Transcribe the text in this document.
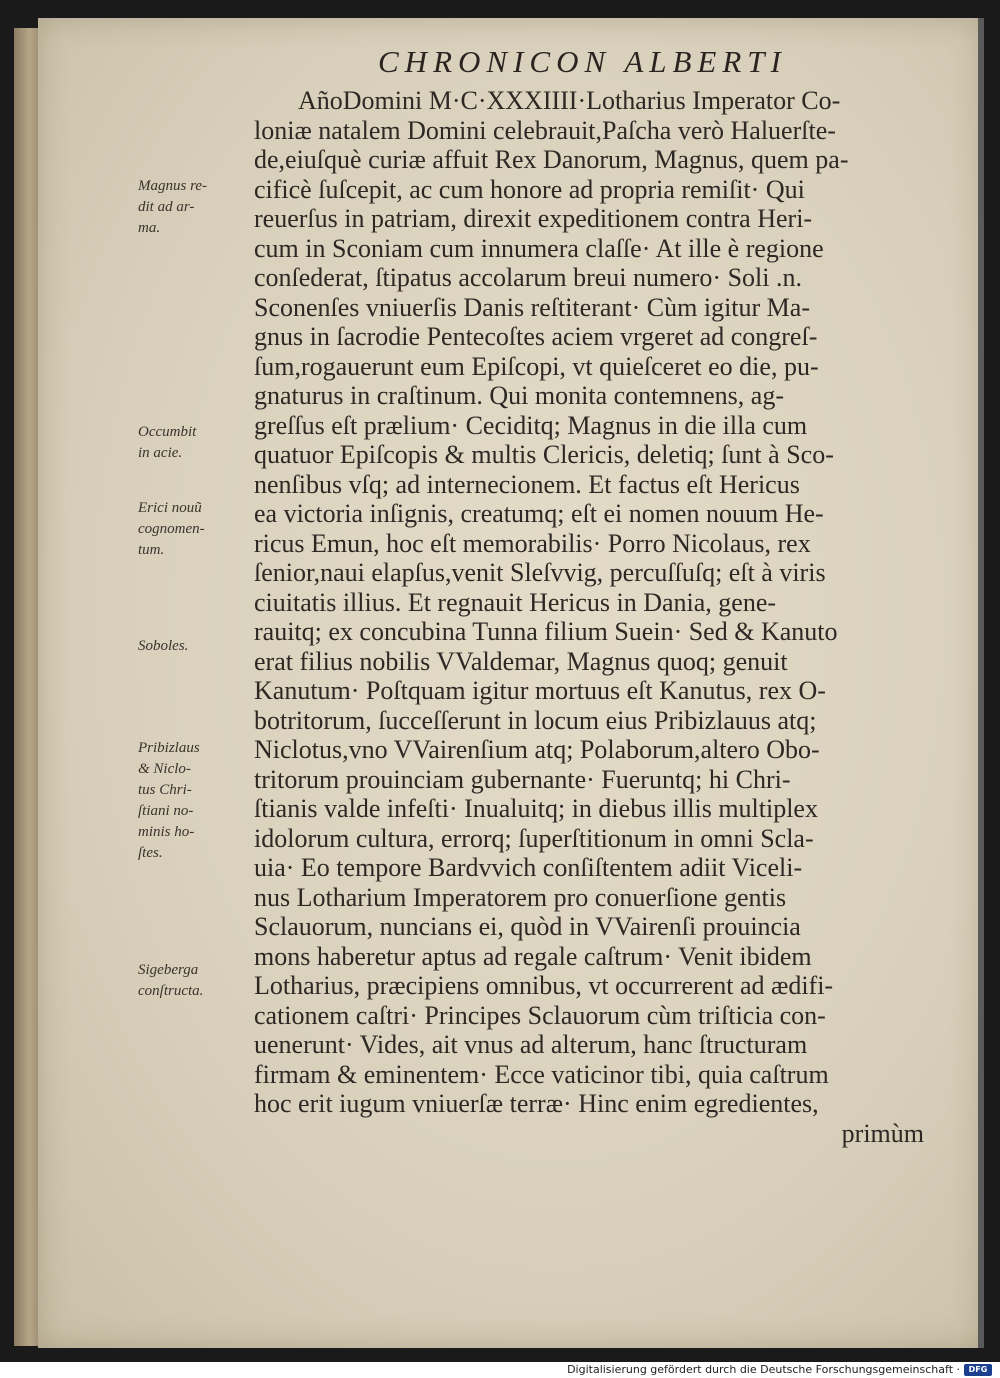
CHRONICON ALBERTI
AñoDomini M·C·XXXIIII·Lotharius Imperator Co-
loniæ natalem Domini celebrauit,Paſcha verò Haluerſte-
de,eiuſquè curiæ affuit Rex Danorum, Magnus, quem pa-
cificè ſuſcepit, ac cum honore ad propria remiſit· Qui
reuerſus in patriam, direxit expeditionem contra Heri-
cum in Sconiam cum innumera claſſe· At ille è regione
conſederat, ſtipatus accolarum breui numero· Soli .n.
Sconenſes vniuerſis Danis reſtiterant· Cùm igitur Ma-
gnus in ſacrodie Pentecoſtes aciem vrgeret ad congreſ-
ſum,rogauerunt eum Epiſcopi, vt quieſceret eo die, pu-
gnaturus in craſtinum. Qui monita contemnens, ag-
greſſus eſt prælium· Ceciditq; Magnus in die illa cum
quatuor Epiſcopis & multis Clericis, deletiq; ſunt à Sco-
nenſibus vſq; ad internecionem. Et factus eſt Hericus
ea victoria inſignis, creatumq; eſt ei nomen nouum He-
ricus Emun, hoc eſt memorabilis· Porro Nicolaus, rex
ſenior,naui elapſus,venit Sleſvvig, percuſſuſq; eſt à viris
ciuitatis illius. Et regnauit Hericus in Dania, gene-
rauitq; ex concubina Tunna filium Suein· Sed & Kanuto
erat filius nobilis VValdemar, Magnus quoq; genuit
Kanutum· Poſtquam igitur mortuus eſt Kanutus, rex O-
botritorum, ſucceſſerunt in locum eius Pribizlauus atq;
Niclotus,vno VVairenſium atq; Polaborum,altero Obo-
tritorum prouinciam gubernante· Fueruntq; hi Chri-
ſtianis valde infeſti· Inualuitq; in diebus illis multiplex
idolorum cultura, errorq; ſuperſtitionum in omni Scla-
uia· Eo tempore Bardvvich conſiſtentem adiit Viceli-
nus Lotharium Imperatorem pro conuerſione gentis
Sclauorum, nuncians ei, quòd in VVairenſi prouincia
mons haberetur aptus ad regale caſtrum· Venit ibidem
Lotharius, præcipiens omnibus, vt occurrerent ad ædifi-
cationem caſtri· Principes Sclauorum cùm triſticia con-
uenerunt· Vides, ait vnus ad alterum, hanc ſtructuram
firmam & eminentem· Ecce vaticinor tibi, quia caſtrum
hoc erit iugum vniuerſæ terræ· Hinc enim egredientes,
primùm
Magnus re-
dit ad ar-
ma.
Occumbit
in acie.
Erici nouũ
cognomen-
tum.
Soboles.
Pribizlaus
& Niclo-
tus Chri-
ſtiani no-
minis ho-
ſtes.
Sigeberga
conſtructa.
Digitalisierung gefördert durch die Deutsche Forschungsgemeinschaft ·	DFG
